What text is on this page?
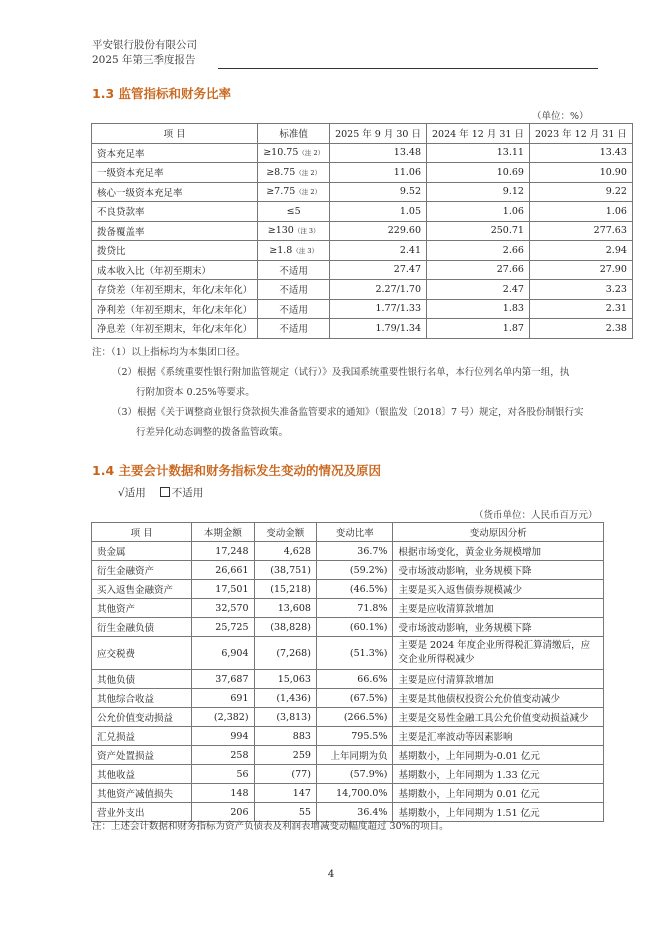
平安银行股份有限公司
2025 年第三季度报告
1.3 监管指标和财务比率
（单位：%）
项 目	标准值	2025 年 9 月 30 日	2024 年 12 月 31 日	2023 年 12 月 31 日
资本充足率	≥10.75（注 2）	13.48	13.11	13.43
一级资本充足率	≥8.75（注 2）	11.06	10.69	10.90
核心一级资本充足率	≥7.75（注 2）	9.52	9.12	9.22
不良贷款率	≤5	1.05	1.06	1.06
拨备覆盖率	≥130（注 3）	229.60	250.71	277.63
拨贷比	≥1.8（注 3）	2.41	2.66	2.94
成本收入比（年初至期末）	不适用	27.47	27.66	27.90
存贷差（年初至期末，年化/末年化）	不适用	2.27/1.70	2.47	3.23
净利差（年初至期末，年化/末年化）	不适用	1.77/1.33	1.83	2.31
净息差（年初至期末，年化/末年化）	不适用	1.79/1.34	1.87	2.38
注：（1）以上指标均为本集团口径。
（2）根据《系统重要性银行附加监管规定（试行）》及我国系统重要性银行名单，本行位列名单内第一组，执
行附加资本 0.25%等要求。
（3）根据《关于调整商业银行贷款损失准备监管要求的通知》（银监发〔2018〕7 号）规定，对各股份制银行实
行差异化动态调整的拨备监管政策。
1.4 主要会计数据和财务指标发生变动的情况及原因
√适用 不适用
（货币单位：人民币百万元）
项 目	本期金额	变动金额	变动比率	变动原因分析
贵金属	17,248	4,628	36.7%	根据市场变化，黄金业务规模增加
衍生金融资产	26,661	(38,751)	(59.2%)	受市场波动影响，业务规模下降
买入返售金融资产	17,501	(15,218)	(46.5%)	主要是买入返售债券规模减少
其他资产	32,570	13,608	71.8%	主要是应收清算款增加
衍生金融负债	25,725	(38,828)	(60.1%)	受市场波动影响，业务规模下降
应交税费	6,904	(7,268)	(51.3%)	主要是 2024 年度企业所得税汇算清缴后，应交企业所得税减少
其他负债	37,687	15,063	66.6%	主要是应付清算款增加
其他综合收益	691	(1,436)	(67.5%)	主要是其他债权投资公允价值变动减少
公允价值变动损益	(2,382)	(3,813)	(266.5%)	主要是交易性金融工具公允价值变动损益减少
汇兑损益	994	883	795.5%	主要是汇率波动等因素影响
资产处置损益	258	259	上年同期为负	基期数小，上年同期为-0.01 亿元
其他收益	56	(77)	(57.9%)	基期数小，上年同期为 1.33 亿元
其他资产减值损失	148	147	14,700.0%	基期数小，上年同期为 0.01 亿元
营业外支出	206	55	36.4%	基期数小，上年同期为 1.51 亿元
注：上述会计数据和财务指标为资产负债表及利润表增减变动幅度超过 30%的项目。
4
